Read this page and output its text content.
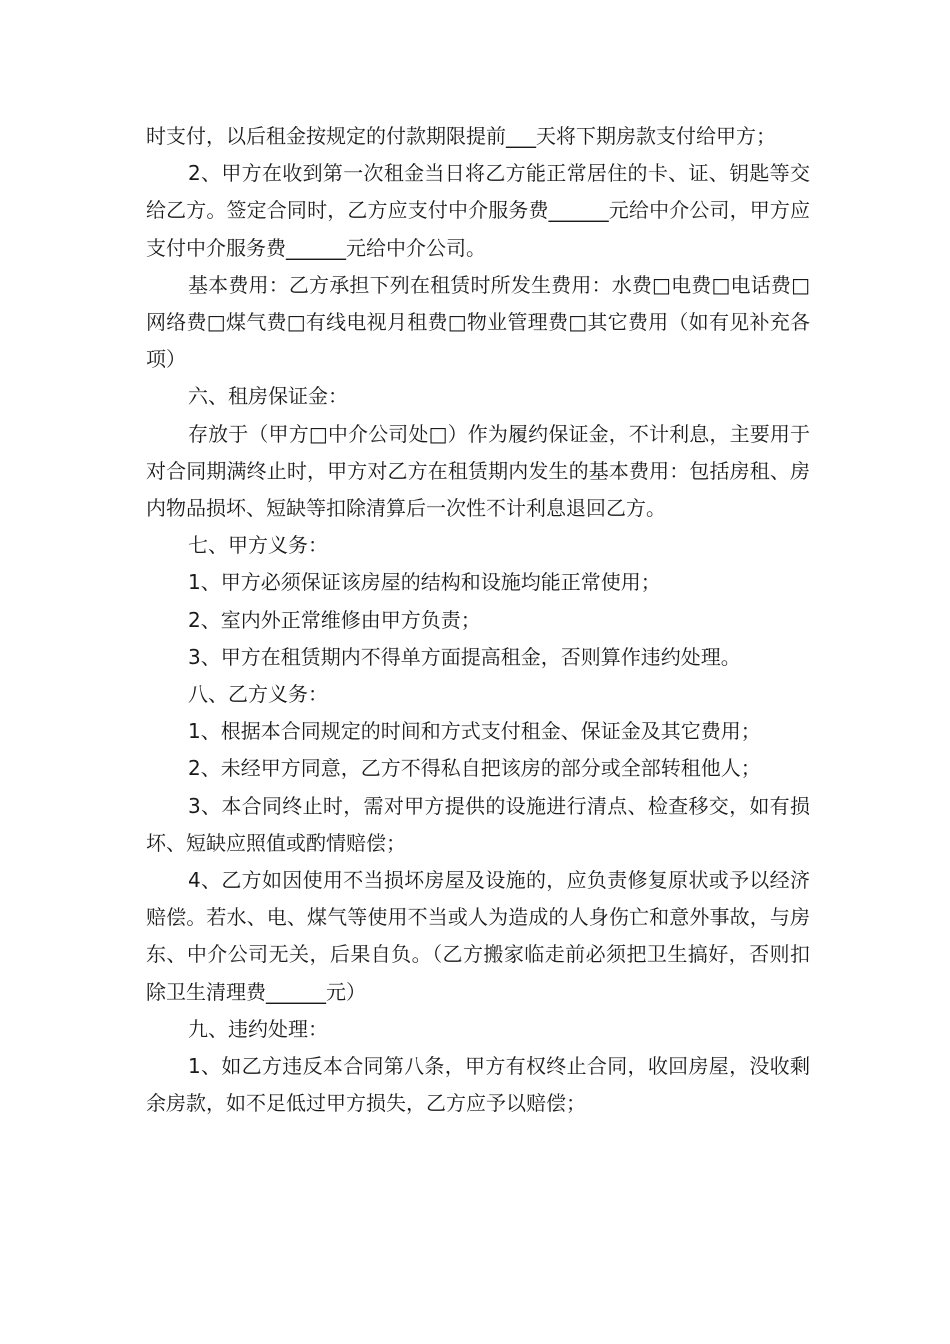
时支付，以后租金按规定的付款期限提前___天将下期房款支付给甲方；

2、甲方在收到第一次租金当日将乙方能正常居住的卡、证、钥匙等交给乙方。签定合同时，乙方应支付中介服务费______元给中介公司，甲方应支付中介服务费______元给中介公司。

基本费用：乙方承担下列在租赁时所发生费用：水费□电费□电话费□网络费□煤气费□有线电视月租费□物业管理费□其它费用（如有见补充各项）

六、租房保证金：

存放于（甲方□中介公司处□）作为履约保证金，不计利息，主要用于对合同期满终止时，甲方对乙方在租赁期内发生的基本费用：包括房租、房内物品损坏、短缺等扣除清算后一次性不计利息退回乙方。

七、甲方义务：

1、甲方必须保证该房屋的结构和设施均能正常使用；

2、室内外正常维修由甲方负责；

3、甲方在租赁期内不得单方面提高租金，否则算作违约处理。

八、乙方义务：

1、根据本合同规定的时间和方式支付租金、保证金及其它费用；

2、未经甲方同意，乙方不得私自把该房的部分或全部转租他人；

3、本合同终止时，需对甲方提供的设施进行清点、检查移交，如有损坏、短缺应照值或酌情赔偿；

4、乙方如因使用不当损坏房屋及设施的，应负责修复原状或予以经济赔偿。若水、电、煤气等使用不当或人为造成的人身伤亡和意外事故，与房东、中介公司无关，后果自负。（乙方搬家临走前必须把卫生搞好，否则扣除卫生清理费______元）

九、违约处理：

1、如乙方违反本合同第八条，甲方有权终止合同，收回房屋，没收剩余房款，如不足低过甲方损失，乙方应予以赔偿；
